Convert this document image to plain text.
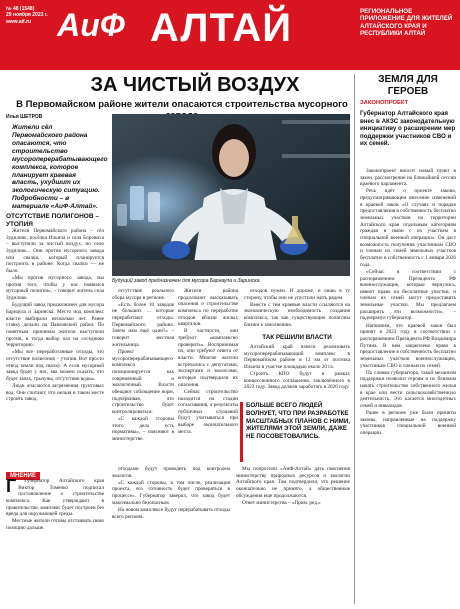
№ 48 (1548)
29 ноября 2023 г.
www.aif.ru АиФ АЛТАЙ	РЕГИОНАЛЬНОЕ ПРИЛОЖЕНИЕ ДЛЯ ЖИТЕЛЕЙ АЛТАЙСКОГО КРАЯ И РЕСПУБЛИКИ АЛТАЙ
ЗА ЧИСТЫЙ ВОЗДУХ
В Первомайском районе жители опасаются строительства мусорного
Илья ШЕТРОВ
Жители сёл Первомайского района опасаются, что строительство мусороперерабатывающего комплекса, которое планирует краевая власть, ухудшит их экологическую ситуацию. Подробности – в материале «АиФ-Алтай».
ОТСУТСТВИЕ ПОЛИГОНОВ – УТОПИЯ

Жители Первомайского района – сёл Зудилово, посёлка Ильича и села Боровиха – выступили за чистый воздух, но село Зудилово... Они против мусорного завода или свалки, который планируется построить в районе. Когда свалки — не было.

«Мы против мусорного завода, мы против того, чтобы у нас появился мусорный полигон», – говорит житель села Зудилово.

Будущий завод предназначен для мусора Барнаула и Заринска. Место под комплекс власти выбирали несколько лет. Ранее ставку делали на Павловский район. По понятным причинам жители выступили против, и тогда выбор пал на соседнюю территорию.

«Мы все переработанные отходы, это отсутствие полигонов – утопия. Вот просто отвод земли под свалку. А если мусорный завод будет у нас, мы можем сказать, что будет запах, грызуны, отсутствие воды».

Люди опасаются загрязнения грунтовых вод. Они считают, что нельзя в таком месте строить завод.

Будущий завод предназначен для мусора Барнаула и Заринска.

отсутствие реального сбора мусора в регионе.

«Есть более 10 заводов не больших ... которые переработают отходы. Первомайского района. Зачем нам ещё один?» – говорит местная жительница.

Проект мусороперерабатывающего комплекса позиционируется как современный и экологичный. Власти обещают соблюдение норм, подчёркивая, что строительство будет контролироваться.

«С каждой стороны этого дела есть нормативы», – поясняют в министерстве.

Жители района продолжают высказывать опасения о строительстве комплекса по переработке отходов вблизи жилых кварталов.

В частности, они требуют «комплексно проверить». Воспринимая их, они требуют ответа от власти. Многие жители встречались с депутатами, экспертами и экологами, которые подтвердили их опасения.

Сейчас строительство находится на стадии согласования, а результаты публичных слушаний будут учитываться при выборе окончательного места.

отходов нужен. И дороже, и лишь в ту сторону, чтобы они не упустили жить рядом.

Вместе с тем краевые власти ссылаются на экономическую необходимость создания комплекса, так как существующие полигоны близки к заполнению.

ТАК РЕШИЛИ ВЛАСТИ

Алтайский край взялся реализовать мусороперерабатывающий комплекс в Первомайском районе в 12 км от поселка Ильича в участке площадью около 20 га.

Строить КПО будут в рамках концессионного соглашения, заключённого в 2023 году. Завод должен заработать в 2026 году.

БОЛЬШЕ ВСЕГО ЛЮДЕЙ ВОЛНУЕТ, ЧТО ПРИ РАЗРАБОТКЕ МАСШТАБНЫХ ПЛАНОВ С НИМИ, ЖИТЕЛЯМИ ЭТОЙ ЗЕМЛИ, ДАЖЕ НЕ ПОСОВЕТОВАЛИСЬ.
МНЕНИЕ
Г	Губернатор Алтайского края Виктор Томенко подписал постановление о строительстве комплекса. Как утверждают в правительстве, комплекс будет построен без вреда для окружающей среды.

Местные жители готовы отстаивать свою позицию дальше.

отходами будут проводить под контролем экологов.

«С каждой стороны, в том числе, реализация проекта, его готовность будет проверяться в процессе». Губернатор заверил, что завод будет максимально безопасным.

На новом комплексе будут перерабатывать отходы всего региона.

Мы попросили «АиФ-Алтай» дать пояснения министерству природных ресурсов и экологии Алтайского края. Там подтвердили, что решение окончательно не принято, а общественные обсуждения еще продолжаются.

Ответ министерства – «Прим. ред.»

ЗЕМЛЯ ДЛЯ ГЕРОЕВ
ЗАКОНОПРОЕКТ
Губернатор Алтайского края внес в АКЗС законодательную инициативу о расширении мер поддержки участников СВО и их семей.

Законопроект вносит новый пункт в закон, рассмотрение на ближайшей сессии краевого парламента.

Речь идёт о проекте закона, предусматривающем внесение изменений в краевой закон «О случаях и порядке предоставления в собственность бесплатно земельных участков на территории Алтайского края отдельным категориям граждан в связи с их участием в специальной военной операции». Он даст возможность получения участникам СВО и членам их семей земельных участков бесплатно в собственность с 1 января 2026 года.

«Сейчас в соответствии с распоряжением Президента РФ военнослужащие, которые вернулись, имеют право на бесплатные участки, и членам их семей могут предоставить земельные участки. Мы предлагаем расширить эти возможности», – подчеркнул губернатор.

Напомним, что краевой закон был принят в 2023 году в соответствии с распоряжением Президента РФ Владимира Путина. В нем закреплено право в предоставление в собственность бесплатно земельных участков военнослужащим, участникам СВО и членам их семей.

По словам губернатора, такой механизм поддержки позволит героям и их близким начать строительство собственного жилья в крае или вести сельскохозяйственную деятельность. Это касается многодетных семей и инвалидов.

Ранее в регионе уже были приняты законы, направленные на поддержку участников специальной военной операции.
